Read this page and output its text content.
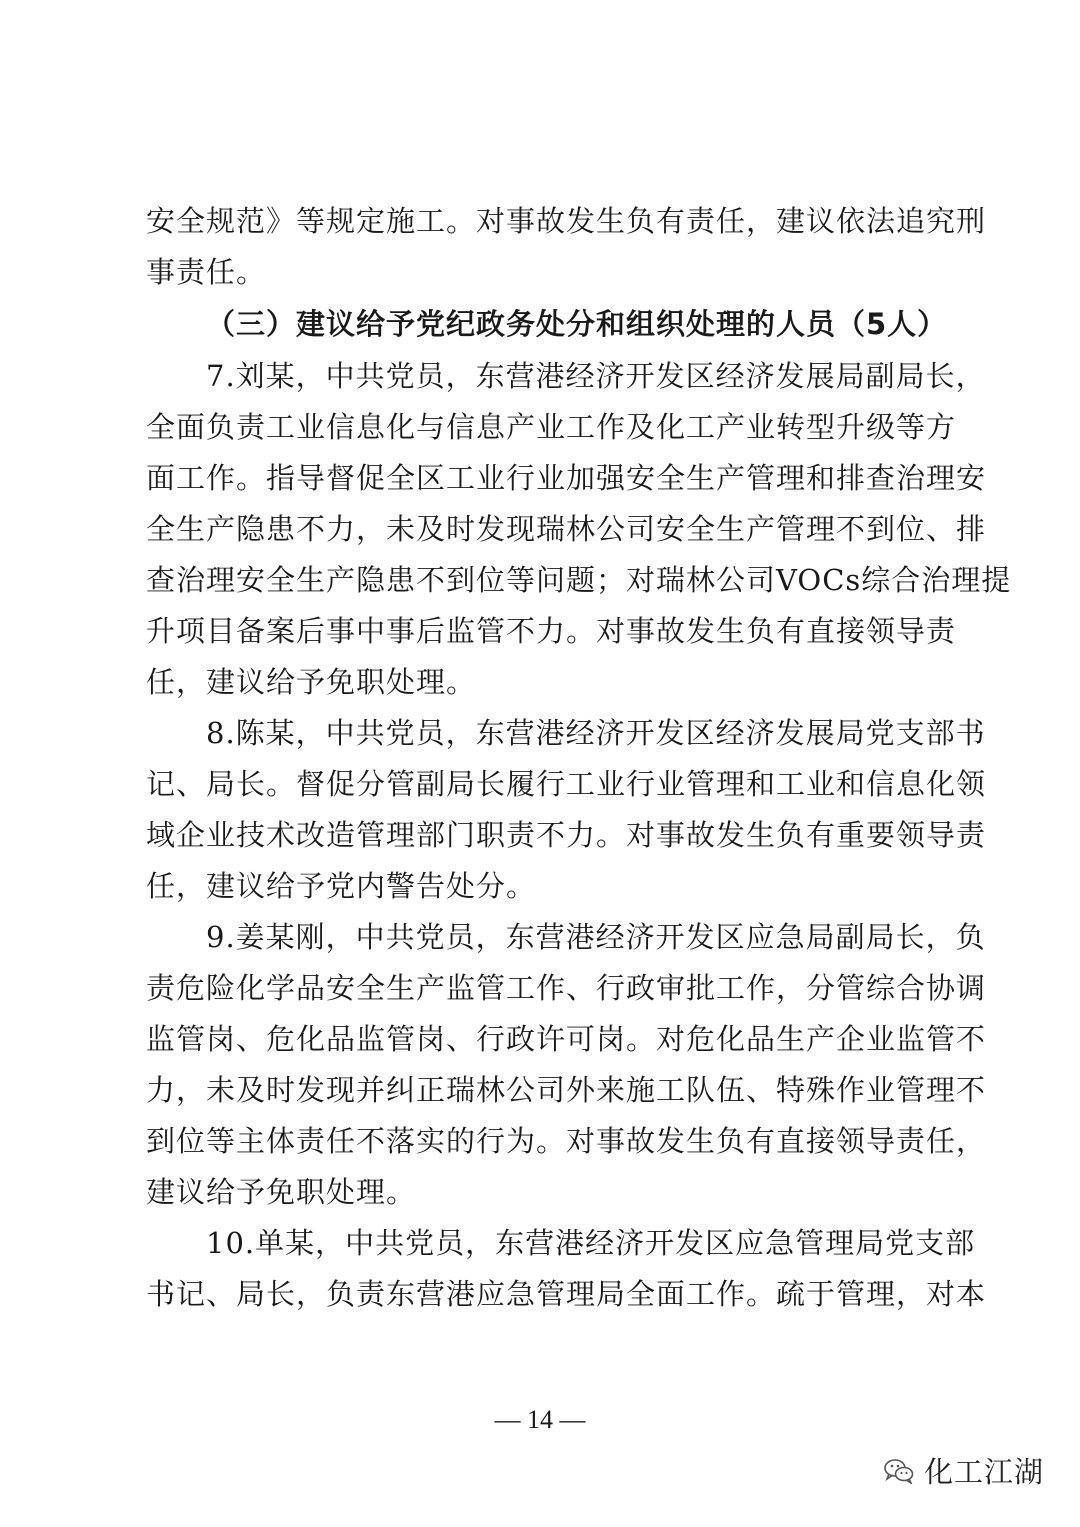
安全规范》等规定施工。对事故发生负有责任，建议依法追究刑
事责任。
（三）建议给予党纪政务处分和组织处理的人员（5人）
7.刘某，中共党员，东营港经济开发区经济发展局副局长，
全面负责工业信息化与信息产业工作及化工产业转型升级等方
面工作。指导督促全区工业行业加强安全生产管理和排查治理安
全生产隐患不力，未及时发现瑞林公司安全生产管理不到位、排
查治理安全生产隐患不到位等问题；对瑞林公司VOCs综合治理提
升项目备案后事中事后监管不力。对事故发生负有直接领导责
任，建议给予免职处理。
8.陈某，中共党员，东营港经济开发区经济发展局党支部书
记、局长。督促分管副局长履行工业行业管理和工业和信息化领
域企业技术改造管理部门职责不力。对事故发生负有重要领导责
任，建议给予党内警告处分。
9.姜某刚，中共党员，东营港经济开发区应急局副局长，负
责危险化学品安全生产监管工作、行政审批工作，分管综合协调
监管岗、危化品监管岗、行政许可岗。对危化品生产企业监管不
力，未及时发现并纠正瑞林公司外来施工队伍、特殊作业管理不
到位等主体责任不落实的行为。对事故发生负有直接领导责任，
建议给予免职处理。
10.单某，中共党员，东营港经济开发区应急管理局党支部
书记、局长，负责东营港应急管理局全面工作。疏于管理，对本
— 14 —
化工江湖
